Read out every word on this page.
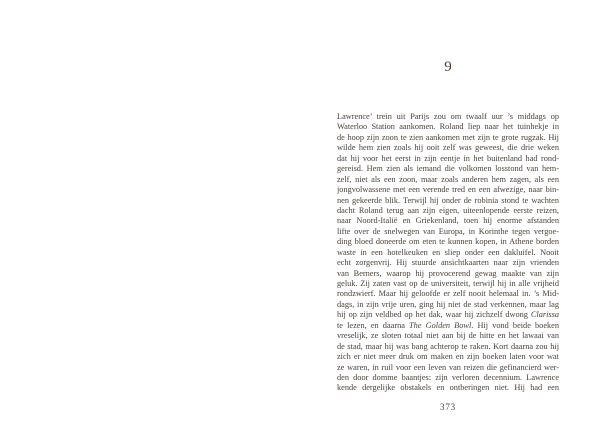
9
Lawrence’ trein uit Parijs zou om twaalf uur ’s middags op
Waterloo Station aankomen. Roland liep naar het tuinhekje in
de hoop zijn zoon te zien aankomen met zijn te grote rugzak. Hij
wilde hem zien zoals hij ooit zelf was geweest, die drie weken
dat hij voor het eerst in zijn eentje in het buitenland had rond-
gereisd. Hem zien als iemand die volkomen losstond van hem-
zelf, niet als een zoon, maar zoals anderen hem zagen, als een
jongvolwassene met een verende tred en een afwezige, naar bin-
nen gekeerde blik. Terwijl hij onder de robinia stond te wachten
dacht Roland terug aan zijn eigen, uiteenlopende eerste reizen,
naar Noord-Italië en Griekenland, toen hij enorme afstanden
lifte over de snelwegen van Europa, in Korinthe tegen vergoe-
ding bloed doneerde om eten te kunnen kopen, in Athene borden
waste in een hotelkeuken en sliep onder een dakluifel. Nooit
echt zorgenvrij. Hij stuurde ansichtkaarten naar zijn vrienden
van Berners, waarop hij provocerend gewag maakte van zijn
geluk. Zij zaten vast op de universiteit, terwijl hij in alle vrijheid
rondzwierf. Maar hij geloofde er zelf nooit helemaal in. ’s Mid-
dags, in zijn vrije uren, ging hij niet de stad verkennen, maar lag
hij op zijn veldbed op het dak, waar hij zichzelf dwong Clarissa
te lezen, en daarna The Golden Bowl. Hij vond beide boeken
vreselijk, ze sloten totaal niet aan bij de hitte en het lawaai van
de stad, maar hij was bang achterop te raken. Kort daarna zou hij
zich er niet meer druk om maken en zijn boeken laten voor wat
ze waren, in ruil voor een leven van reizen die gefinancierd wer-
den door domme baantjes: zijn verloren decennium. Lawrence
kende dergelijke obstakels en ontberingen niet. Hij had een
373
